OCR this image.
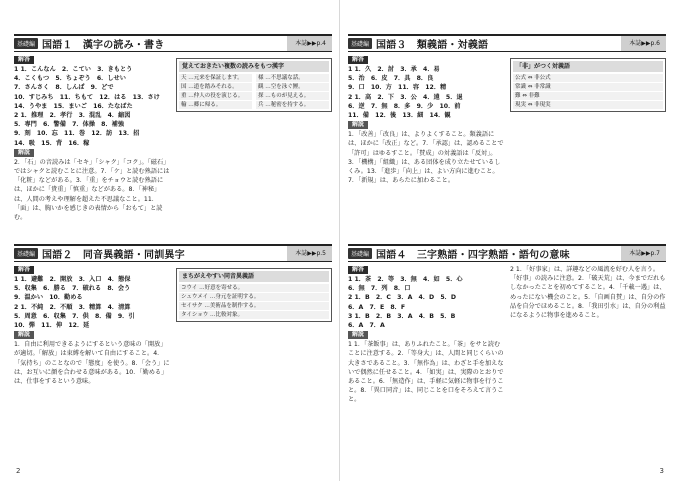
基礎編 国語１　漢字の読み・書き	本誌▶▶p.4
解答

1 1．こんなん　2．こてい　3．きもとう

4．こくもつ　5．ちょぞう　6．しせい

7．さんさく　8．しんぱ　9．どで

10．すじみち　11．ちもて　12．はる　13．さけ

14．うやま　15．まいご　16．たなばた

2 1．推理　2．孝行　3．混乱　4．縮図

5．専門　6．警備　7．体操　8．補強

9．刻　10．忘　11．巻　12．訪　13．招

14．吸　15．背　16．稼

解説

2．「石」の音読みは「セキ」「シャク」「コク」。「磁石」ではシャクと読むことに注意。7．「ケ」と読む熟語には「化粧」などがある。3．「重」をチョウと読む熟語には、ほかに「貴重」「慎重」などがある。8．「神秘」は、人間の考えや理解を超えた不思議なこと。11．「面」は、胸いかを感じきの表情から「おもて」と読む。

覚えておきたい複数の読みをもつ漢字
天 …元来を保証します。	様 …不思議な話。
国 …道を踏みそれる。	観 …空を泳ぐ鯉。
重 …仲人の役を演じる。	探 …ものが見える。
輸 …郷に帰る。	兵 …秘密を持する。
基礎編 国語２　同音異義語・同訓異字	本誌▶▶p.5
解答

1 1．避難　2．開放　3．入口　4．態保

5．収集　6．勝る　7．破れる　8．会う

9．温かい　10．勤める

2 1．不純　2．不順　3．精算　4．清算

5．周意　6．収集　7．供　8．備　9．引

10．弾　11．伸　12．延

解説

1．自由に利用できるようにするという意味の「開放」が適切。「解放」は束縛を解いて自由にすること。4．「気持ち」のことなので「態度」を使う。8．「会う」には、お互いに顔を合わせる意味がある。10．「勤める」は、仕事をするという意味。

まちがえやすい同音異義語
コウイ …好意を寄せる。
シュウメイ …身元を証明する。
セイサク …美術品を制作する。
タイショウ …比較対象。
2
基礎編 国語３　類義語・対義語	本誌▶▶p.6
解答

1 1．久　2．討　3．承　4．易

5．治　6．皮　7．具　8．良

9．口　10．方　11．容　12．精

2 1．高　2．下　3．公　4．遠　5．退

6．逆　7．無　8．多　9．少　10．前

11．備　12．後　13．細　14．観

解説

1．「改善」「改良」は、よりよくすること。類義語には、ほかに「改正」など。7．「承認」は、認めることで「許可」はゆるすこと。「賛成」の対義語は「反対」。3．「機構」「組織」は、ある団体を成り立たせているしくみ。13．「進歩」「向上」は、よい方向に進むこと。7．「新規」は、あらたに加わること。

「非」がつく対義語
公式 ⇔ 非公式
常識 ⇔ 非常識
難 ⇔ 非難
現実 ⇔ 非現実
基礎編 国語４　三字熟語・四字熟語・語句の意味	本誌▶▶p.7
解答

1 1．茶　2．等　3．無　4．如　5．心

6．無　7．列　8．口

2 1．B　2．C　3．A　4．D　5．D

6．A　7．E　8．F

3 1．B　2．B　3．A　4．B　5．B

6．A　7．A

解説

1 1．「茶飯事」は、ありふれたこと。「茶」をサと読むことに注意する。2．「等身大」は、人間と同じくらいの大きさであること。3．「無作為」は、わざと手を加えないで偶然に任せること。4．「如実」は、実際のとおりであること。6．「無造作」は、手軽に気軽に物事を行うこと。8．「異口同音」は、同じことを口をそろえて言うこと。

2 1．「好事家」は、詳趣などの風流を好む人を言う。「好事」の読みに注意。2．「破天荒」は、今までだれもしなかったことを初めてすること。4．「千載一遇」は、めったにない機会のこと。5．「自画自賛」は、自分の作品を自分でほめること。8．「我田引水」は、自分の利益になるように物事を進めること。

3
